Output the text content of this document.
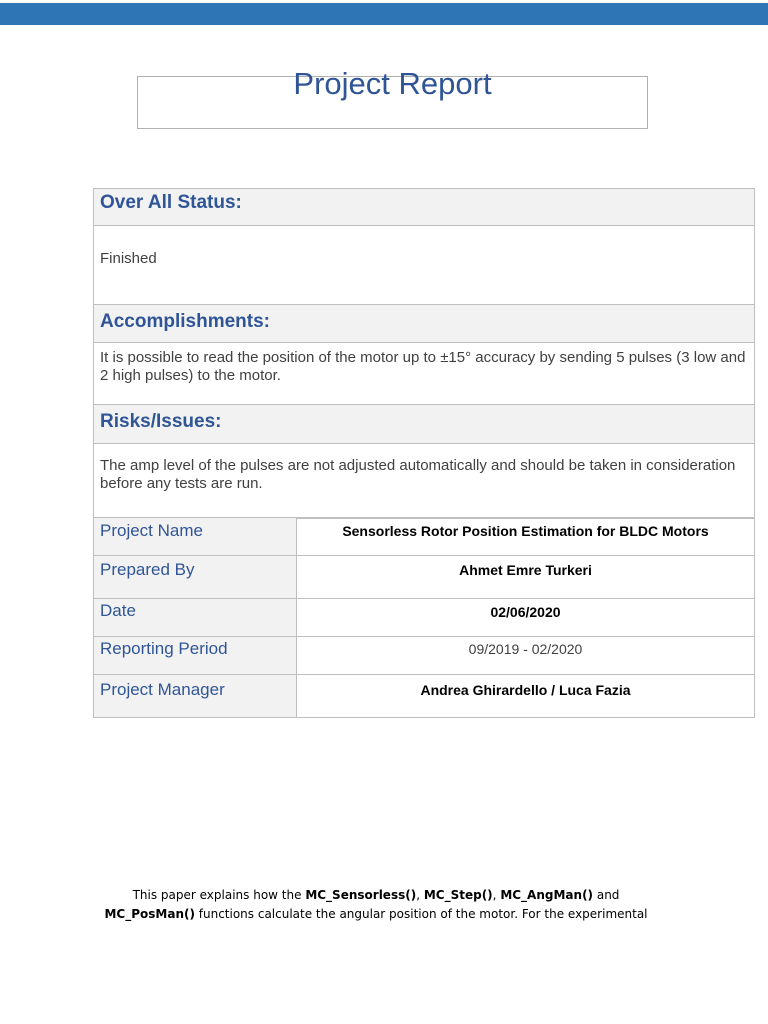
Project Report
Over All Status:
Finished
Accomplishments:
It is possible to read the position of the motor up to ±15° accuracy by sending 5 pulses (3 low and 2 high pulses) to the motor.
Risks/Issues:
The amp level of the pulses are not adjusted automatically and should be taken in consideration before any tests are run.
Project Name	Sensorless Rotor Position Estimation for BLDC Motors
Prepared By	Ahmet Emre Turkeri
Date	02/06/2020
Reporting Period	09/2019 - 02/2020
Project Manager	Andrea Ghirardello / Luca Fazia
This paper explains how the MC_Sensorless(), MC_Step(), MC_AngMan() and MC_PosMan() functions calculate the angular position of the motor. For the experimental
